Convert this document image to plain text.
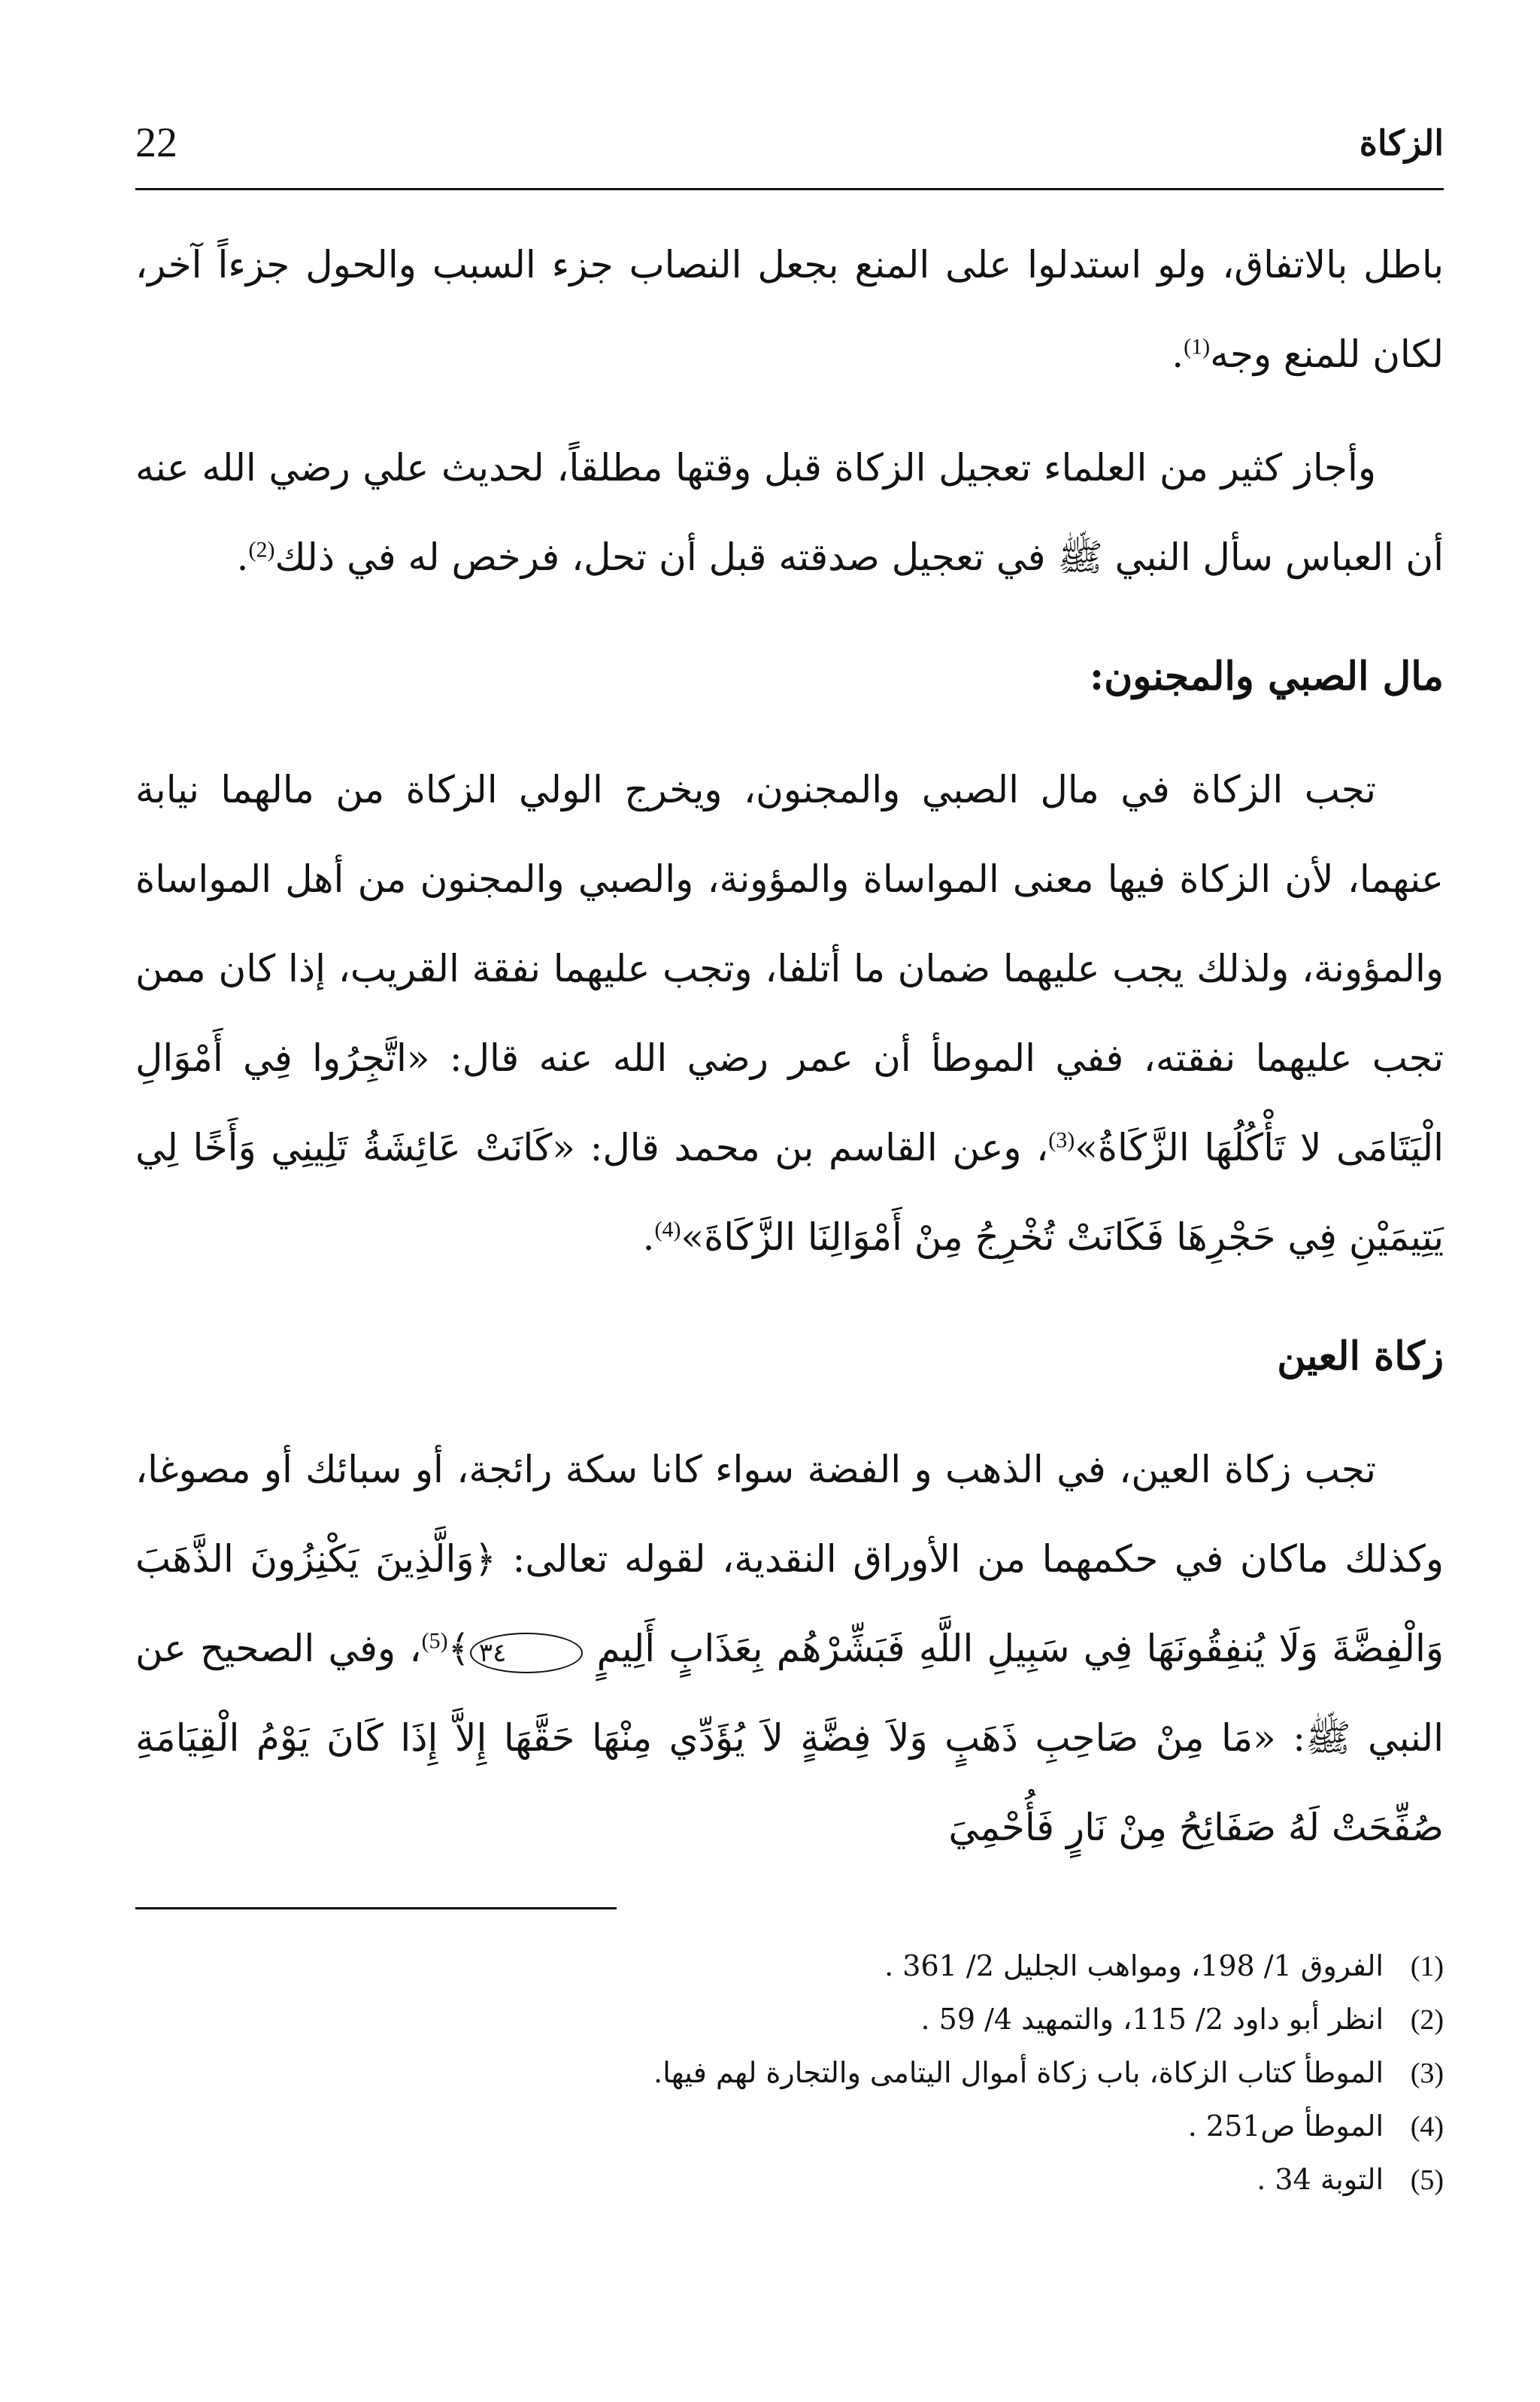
22	الزكاة

باطل بالاتفاق، ولو استدلوا على المنع بجعل النصاب جزء السبب والحول جزءاً آخر، لكان للمنع وجه$^{(1)}$.

وأجاز كثير من العلماء تعجيل الزكاة قبل وقتها مطلقاً، لحديث علي رضي الله عنه أن العباس سأل النبي ﷺ في تعجيل صدقته قبل أن تحل، فرخص له في ذلك$^{(2)}$.

مال الصبي والمجنون:

تجب الزكاة في مال الصبي والمجنون، ويخرج الولي الزكاة من مالهما نيابة عنهما، لأن الزكاة فيها معنى المواساة والمؤونة، والصبي والمجنون من أهل المواساة والمؤونة، ولذلك يجب عليهما ضمان ما أتلفا، وتجب عليهما نفقة القريب، إذا كان ممن تجب عليهما نفقته، ففي الموطأ أن عمر رضي الله عنه قال: «اتَّجِرُوا فِي أَمْوَالِ الْيَتَامَى لا تَأْكُلُهَا الزَّكَاةُ»$^{(3)}$، وعن القاسم بن محمد قال: «كَانَتْ عَائِشَةُ تَلِينِي وَأَخًا لِي يَتِيمَيْنِ فِي حَجْرِهَا فَكَانَتْ تُخْرِجُ مِنْ أَمْوَالِنَا الزَّكَاةَ»$^{(4)}$.

زكاة العين

تجب زكاة العين، في الذهب و الفضة سواء كانا سكة رائجة، أو سبائك أو مصوغا، وكذلك ماكان في حكمهما من الأوراق النقدية، لقوله تعالى: ﴿وَالَّذِينَ يَكْنِزُونَ الذَّهَبَ وَالْفِضَّةَ وَلَا يُنفِقُونَهَا فِي سَبِيلِ اللَّهِ فَبَشِّرْهُم بِعَذَابٍ أَلِيمٍ ٣٤﴾$^{(5)}$، وفي الصحيح عن النبي ﷺ: «مَا مِنْ صَاحِبِ ذَهَبٍ وَلاَ فِضَّةٍ لاَ يُؤَدِّي مِنْهَا حَقَّهَا إِلاَّ إِذَا كَانَ يَوْمُ الْقِيَامَةِ صُفِّحَتْ لَهُ صَفَائِحُ مِنْ نَارٍ فَأُحْمِيَ

(1)
الفروق 1/ 198، ومواهب الجليل 2/ 361 .
(2)
انظر أبو داود 2/ 115، والتمهيد 4/ 59 .
(3)
الموطأ كتاب الزكاة، باب زكاة أموال اليتامى والتجارة لهم فيها.
(4)
الموطأ ص251 .
(5)
التوبة 34 .
